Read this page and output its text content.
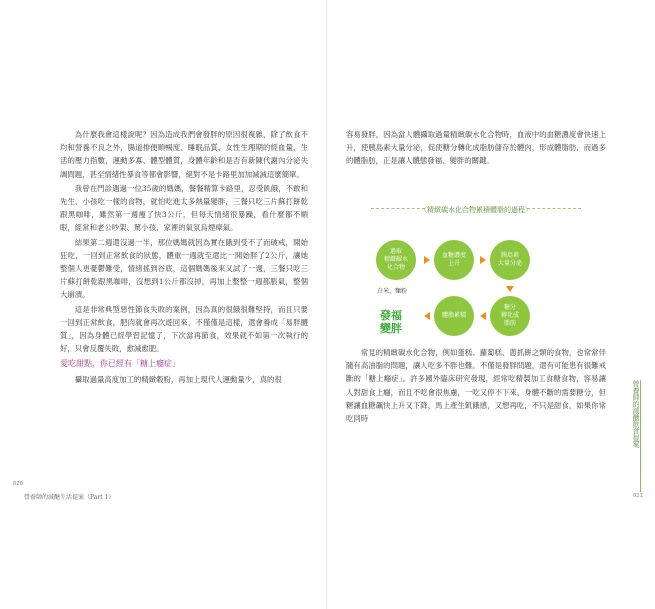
為什麼我會這樣說呢？因為造成我們會發胖的原因很複雜，除了飲食不均和營養不良之外，腸道排便順暢度、睡眠品質、女性生理期的經血量、生活的壓力指數，運動多寡、體型體質，身體年齡和是否有新陳代謝內分泌失調問題，甚至情緒性暴食等都會影響，絕對不是卡路里加加減減這麼簡單。

我曾在門診遇過一位35歲的媽媽，餐餐精算卡路里，忍受飢餓，不敢和先生、小孩吃一樣的食物，就怕吃進太多熱量變胖，三餐只吃三片蘇打餅乾跟黑咖啡，雖然第一週瘦了快3公斤，但每天情緒很暴躁，看什麼都不順眼，經常和老公吵架、罵小孩，家裡的氣氛烏煙瘴氣。

結果第二週還沒過一半，那位媽媽就因為實在餓到受不了而破戒，開始狂吃，一回到正常飲食的狀態，體重一週就至還比一開始胖了2公斤，讓她整個人更憂鬱難受，情緒搖到谷底，這個媽媽後來又試了一週，三餐只吃三片蘇打餅乾跟黑咖啡，沒想到1公斤都沒掉，再加上整整一週都脹氣，整個大崩潰。

這是非常典型惡性節食失敗的案例，因為真的很餓很難堅持，而且只要一回到正常飲食，肥肉就會再次遊回來，不僅僅是這樣，還會養成「易胖體質」，因為身體已經學習記憶了，下次當再節食，效果就不如第一次執行的好，只會反覆失敗，愈減愈肥。

愛吃甜點，你已經有「糖上癮症」

攝取過量高度加工的精緻穀粉，再加上現代人運動量少，真的很

020
營養師的減醣生活提案（Part 1）

容易發胖，因為當人體攝取過量精緻碳水化合物時，血液中的血糖濃度會快速上升，使胰島素大量分泌，促使糖分轉化成脂肪儲存於體內，形成體脂肪，而過多的體脂肪，正是讓人體態發福、變胖的關鍵。

常見的精緻碳水化合物，例如蛋糕、蘿蔔糕、蔥抓餅之類的食物，也常常伴隨有高油脂的問題，讓人吃多不胖也難。不僅是發胖問題，還有可能患有很難戒斷的「糖上癮症」。許多國外臨床研究發現，經常吃精製加工食糖食物，容易讓人對甜食上癮，而且不吃會很焦慮，一吃又停不下來，身體不斷的需要糖分，但糖讓血糖飆快上升又下降，馬上產生飢餓感，又想再吃，不只是甜食，如果你常吃同時	營養師的減醣飲食提案
021
〈精緻碳水化合物累積體脂的過程〉
過取
精緻碳水
化合物
血糖濃度
上升
胰島素
大量分泌
糖分
轉化成
脂肪
體脂累積
白米、麵粉
發福
變胖
